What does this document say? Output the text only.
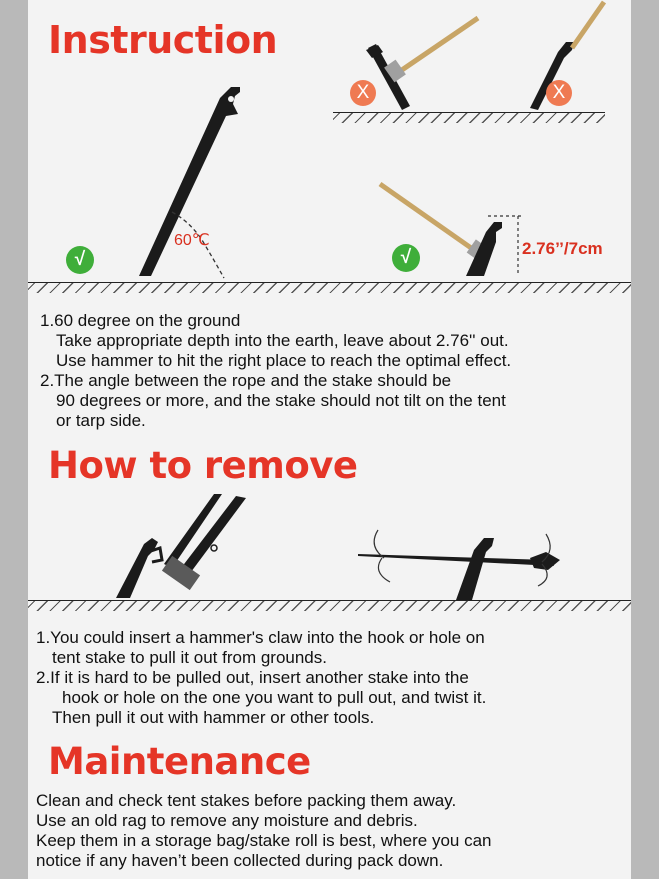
Instruction
√
60℃
X	X
√	2.76’’/7cm

1.60 degree on the ground

Take appropriate depth into the earth, leave about 2.76'' out.

Use hammer to hit the right place to reach the optimal effect.

2.The angle between the rope and the stake should be

90 degrees or more, and the stake should not tilt on the tent

or tarp side.

How to remove

1.You could insert a hammer's claw into the hook or hole on

tent stake to pull it out from grounds.

2.If it is hard to be pulled out, insert another stake into the

hook or hole on the one you want to pull out, and twist it.

Then pull it out with hammer or other tools.

Maintenance

Clean and check tent stakes before packing them away.

Use an old rag to remove any moisture and debris.

Keep them in a storage bag/stake roll is best, where you can

notice if any haven’t been collected during pack down.
